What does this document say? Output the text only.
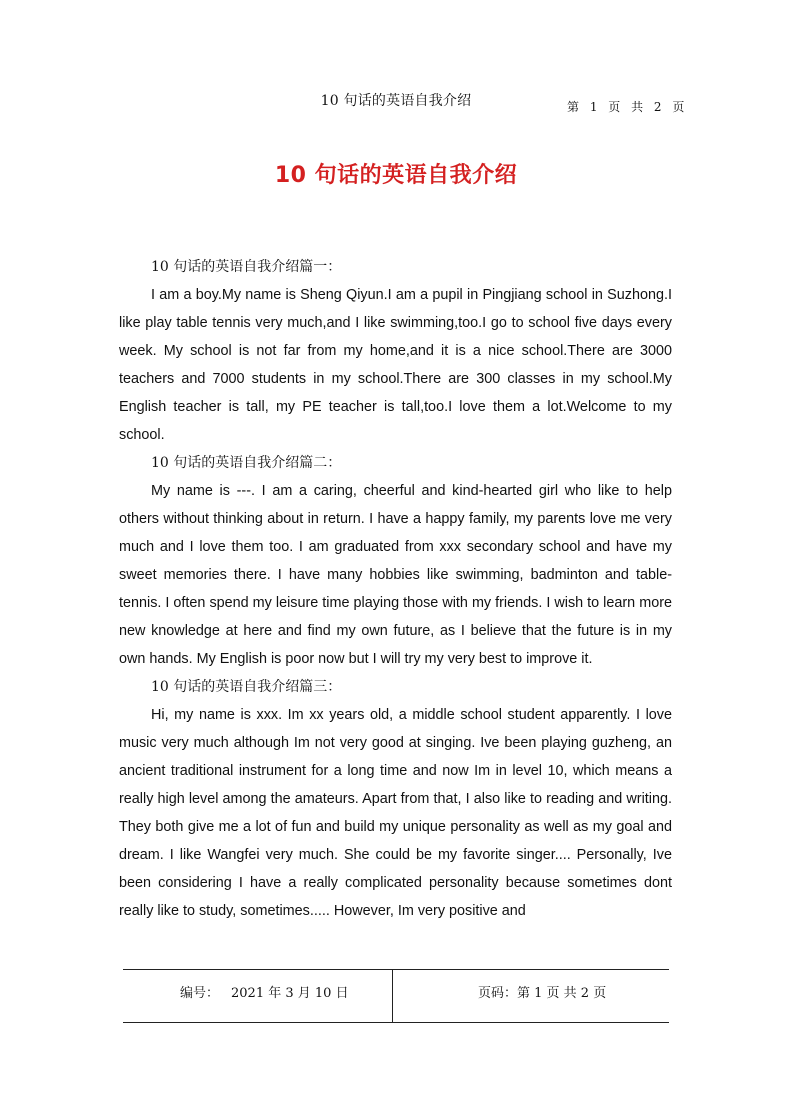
10 句话的英语自我介绍	第 1 页 共 2 页
10 句话的英语自我介绍

10 句话的英语自我介绍篇一：

I am a boy.My name is Sheng Qiyun.I am a pupil in Pingjiang school in Suzhong.I like play table tennis very much,and I like swimming,too.I go to school five days every week. My school is not far from my home,and it is a nice school.There are 3000 teachers and 7000 students in my school.There are 300 classes in my school.My English teacher is tall, my PE teacher is tall,too.I love them a lot.Welcome to my school.

10 句话的英语自我介绍篇二：

My name is ---. I am a caring, cheerful and kind-hearted girl who like to help others without thinking about in return. I have a happy family, my parents love me very much and I love them too. I am graduated from xxx secondary school and have my sweet memories there. I have many hobbies like swimming, badminton and table-tennis. I often spend my leisure time playing those with my friends. I wish to learn more new knowledge at here and find my own future, as I believe that the future is in my own hands. My English is poor now but I will try my very best to improve it.

10 句话的英语自我介绍篇三：

Hi, my name is xxx. Im xx years old, a middle school student apparently. I love music very much although Im not very good at singing. Ive been playing guzheng, an ancient traditional instrument for a long time and now Im in level 10, which means a really high level among the amateurs. Apart from that, I also like to reading and writing. They both give me a lot of fun and build my unique personality as well as my goal and dream. I like Wangfei very much. She could be my favorite singer.... Personally, Ive been considering I have a really complicated personality because sometimes dont really like to study, sometimes..... However, Im very positive and

编号： 2021 年 3 月 10 日	页码：第 1 页 共 2 页
